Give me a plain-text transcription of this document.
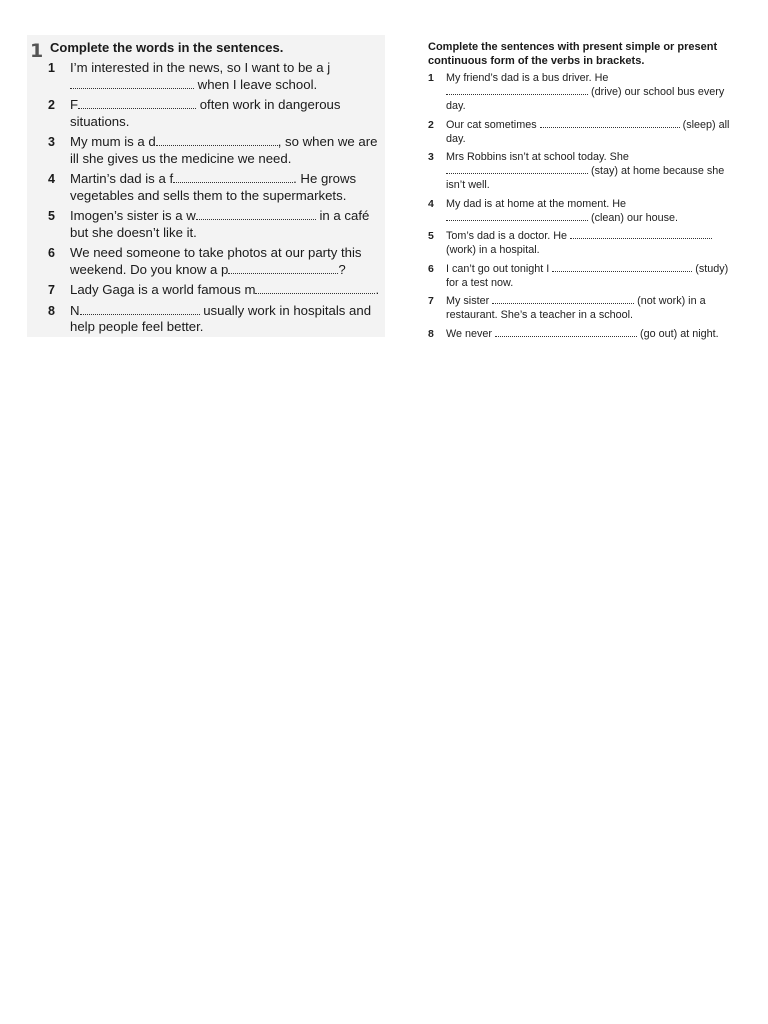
1 Complete the words in the sentences.

1 I’m interested in the news, so I want to be a j when I leave school.
2 F	often work in dangerous situations.
3 My mum is a d	, so when we are ill she gives us the medicine we need.
4 Martin’s dad is a f	. He grows vegetables and sells them to the supermarkets.
5 Imogen’s sister is a w	in a café but she doesn’t like it.
6 We need someone to take photos at our party this weekend. Do you know a p	?
7 Lady Gaga is a world famous m	.
8 N	usually work in hospitals and help people feel better.

Complete the sentences with present simple or present continuous form of the verbs in brackets.

1 My friend’s dad is a bus driver. He  (drive) our school bus every day.
2 Our cat sometimes	(sleep) all day.
3 Mrs Robbins isn’t at school today. She  (stay) at home because she isn’t well.
4 My dad is at home at the moment. He  (clean) our house.
5 Tom’s dad is a doctor. He  (work) in a hospital.
6 I can’t go out tonight I	(study) for a test now.
7 My sister	(not work) in a restaurant. She’s a teacher in a school.
8 We never	(go out) at night.
